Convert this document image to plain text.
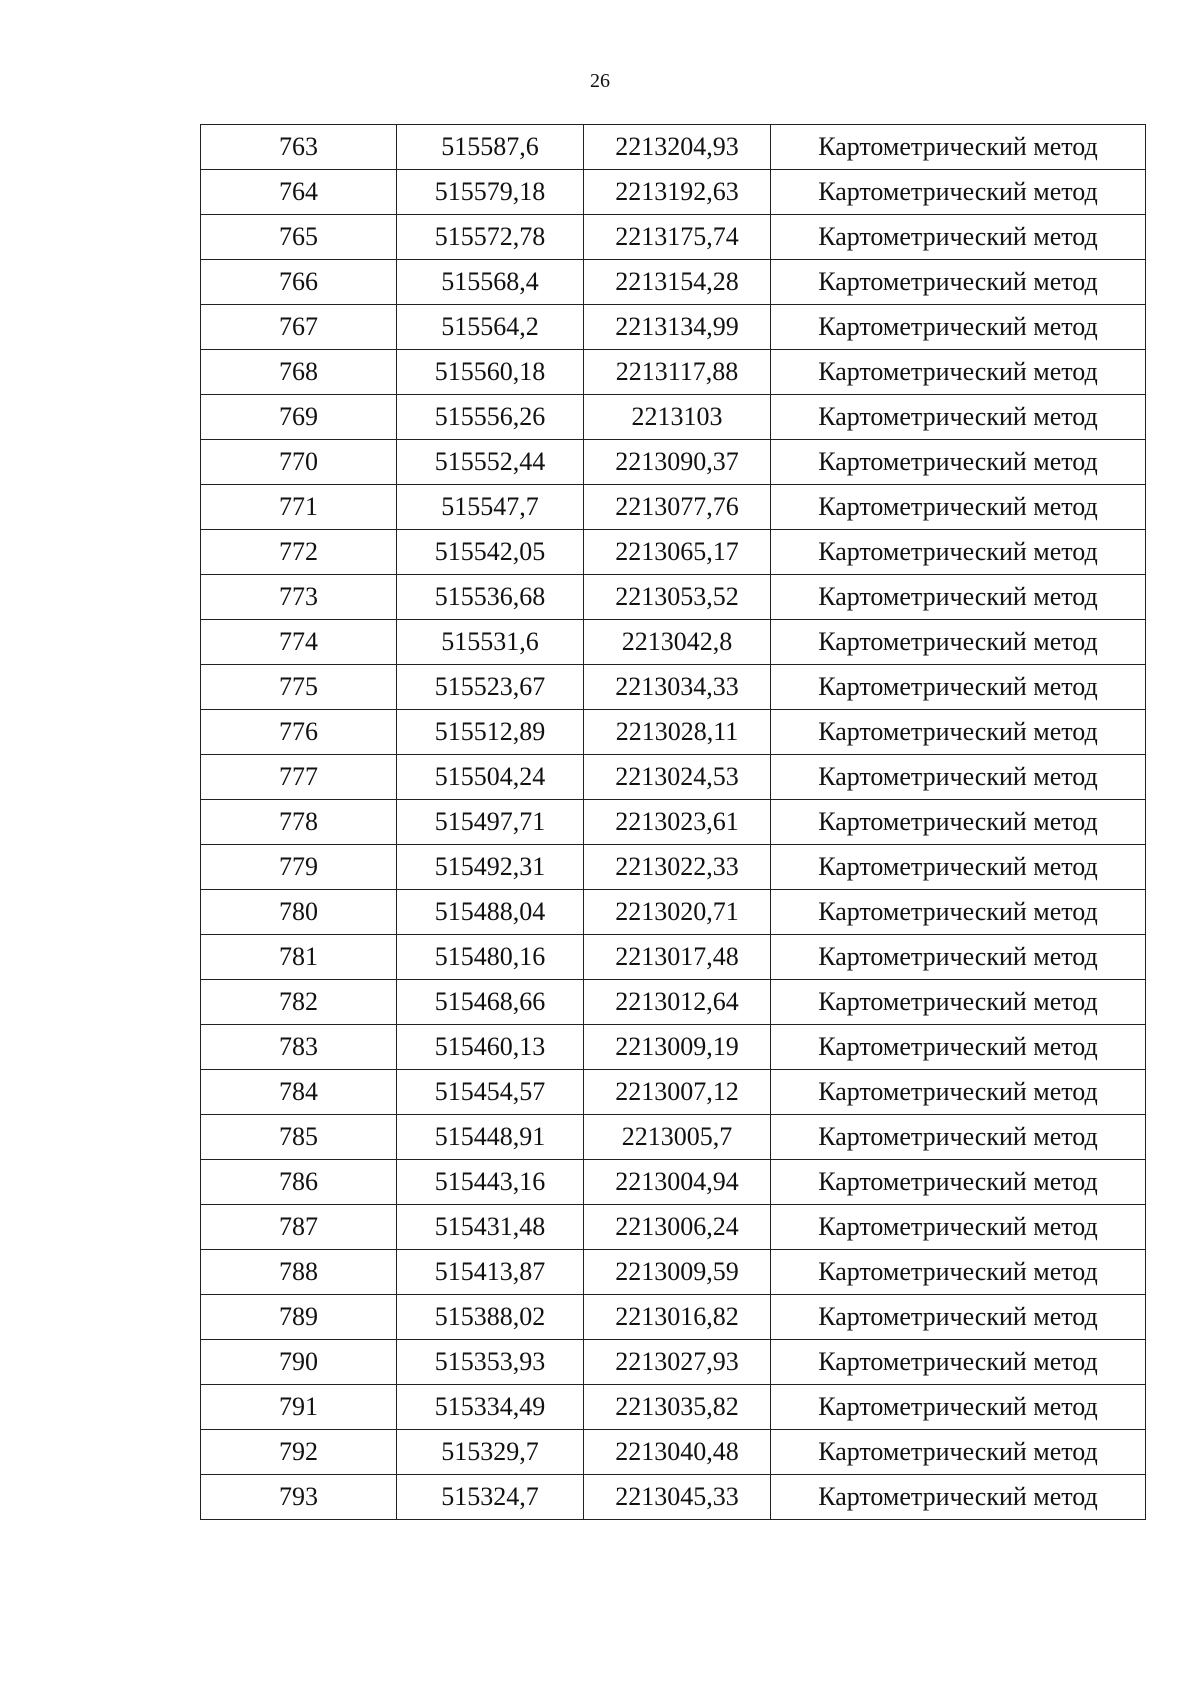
26
763	515587,6	2213204,93	Картометрический метод
764	515579,18	2213192,63	Картометрический метод
765	515572,78	2213175,74	Картометрический метод
766	515568,4	2213154,28	Картометрический метод
767	515564,2	2213134,99	Картометрический метод
768	515560,18	2213117,88	Картометрический метод
769	515556,26	2213103	Картометрический метод
770	515552,44	2213090,37	Картометрический метод
771	515547,7	2213077,76	Картометрический метод
772	515542,05	2213065,17	Картометрический метод
773	515536,68	2213053,52	Картометрический метод
774	515531,6	2213042,8	Картометрический метод
775	515523,67	2213034,33	Картометрический метод
776	515512,89	2213028,11	Картометрический метод
777	515504,24	2213024,53	Картометрический метод
778	515497,71	2213023,61	Картометрический метод
779	515492,31	2213022,33	Картометрический метод
780	515488,04	2213020,71	Картометрический метод
781	515480,16	2213017,48	Картометрический метод
782	515468,66	2213012,64	Картометрический метод
783	515460,13	2213009,19	Картометрический метод
784	515454,57	2213007,12	Картометрический метод
785	515448,91	2213005,7	Картометрический метод
786	515443,16	2213004,94	Картометрический метод
787	515431,48	2213006,24	Картометрический метод
788	515413,87	2213009,59	Картометрический метод
789	515388,02	2213016,82	Картометрический метод
790	515353,93	2213027,93	Картометрический метод
791	515334,49	2213035,82	Картометрический метод
792	515329,7	2213040,48	Картометрический метод
793	515324,7	2213045,33	Картометрический метод
